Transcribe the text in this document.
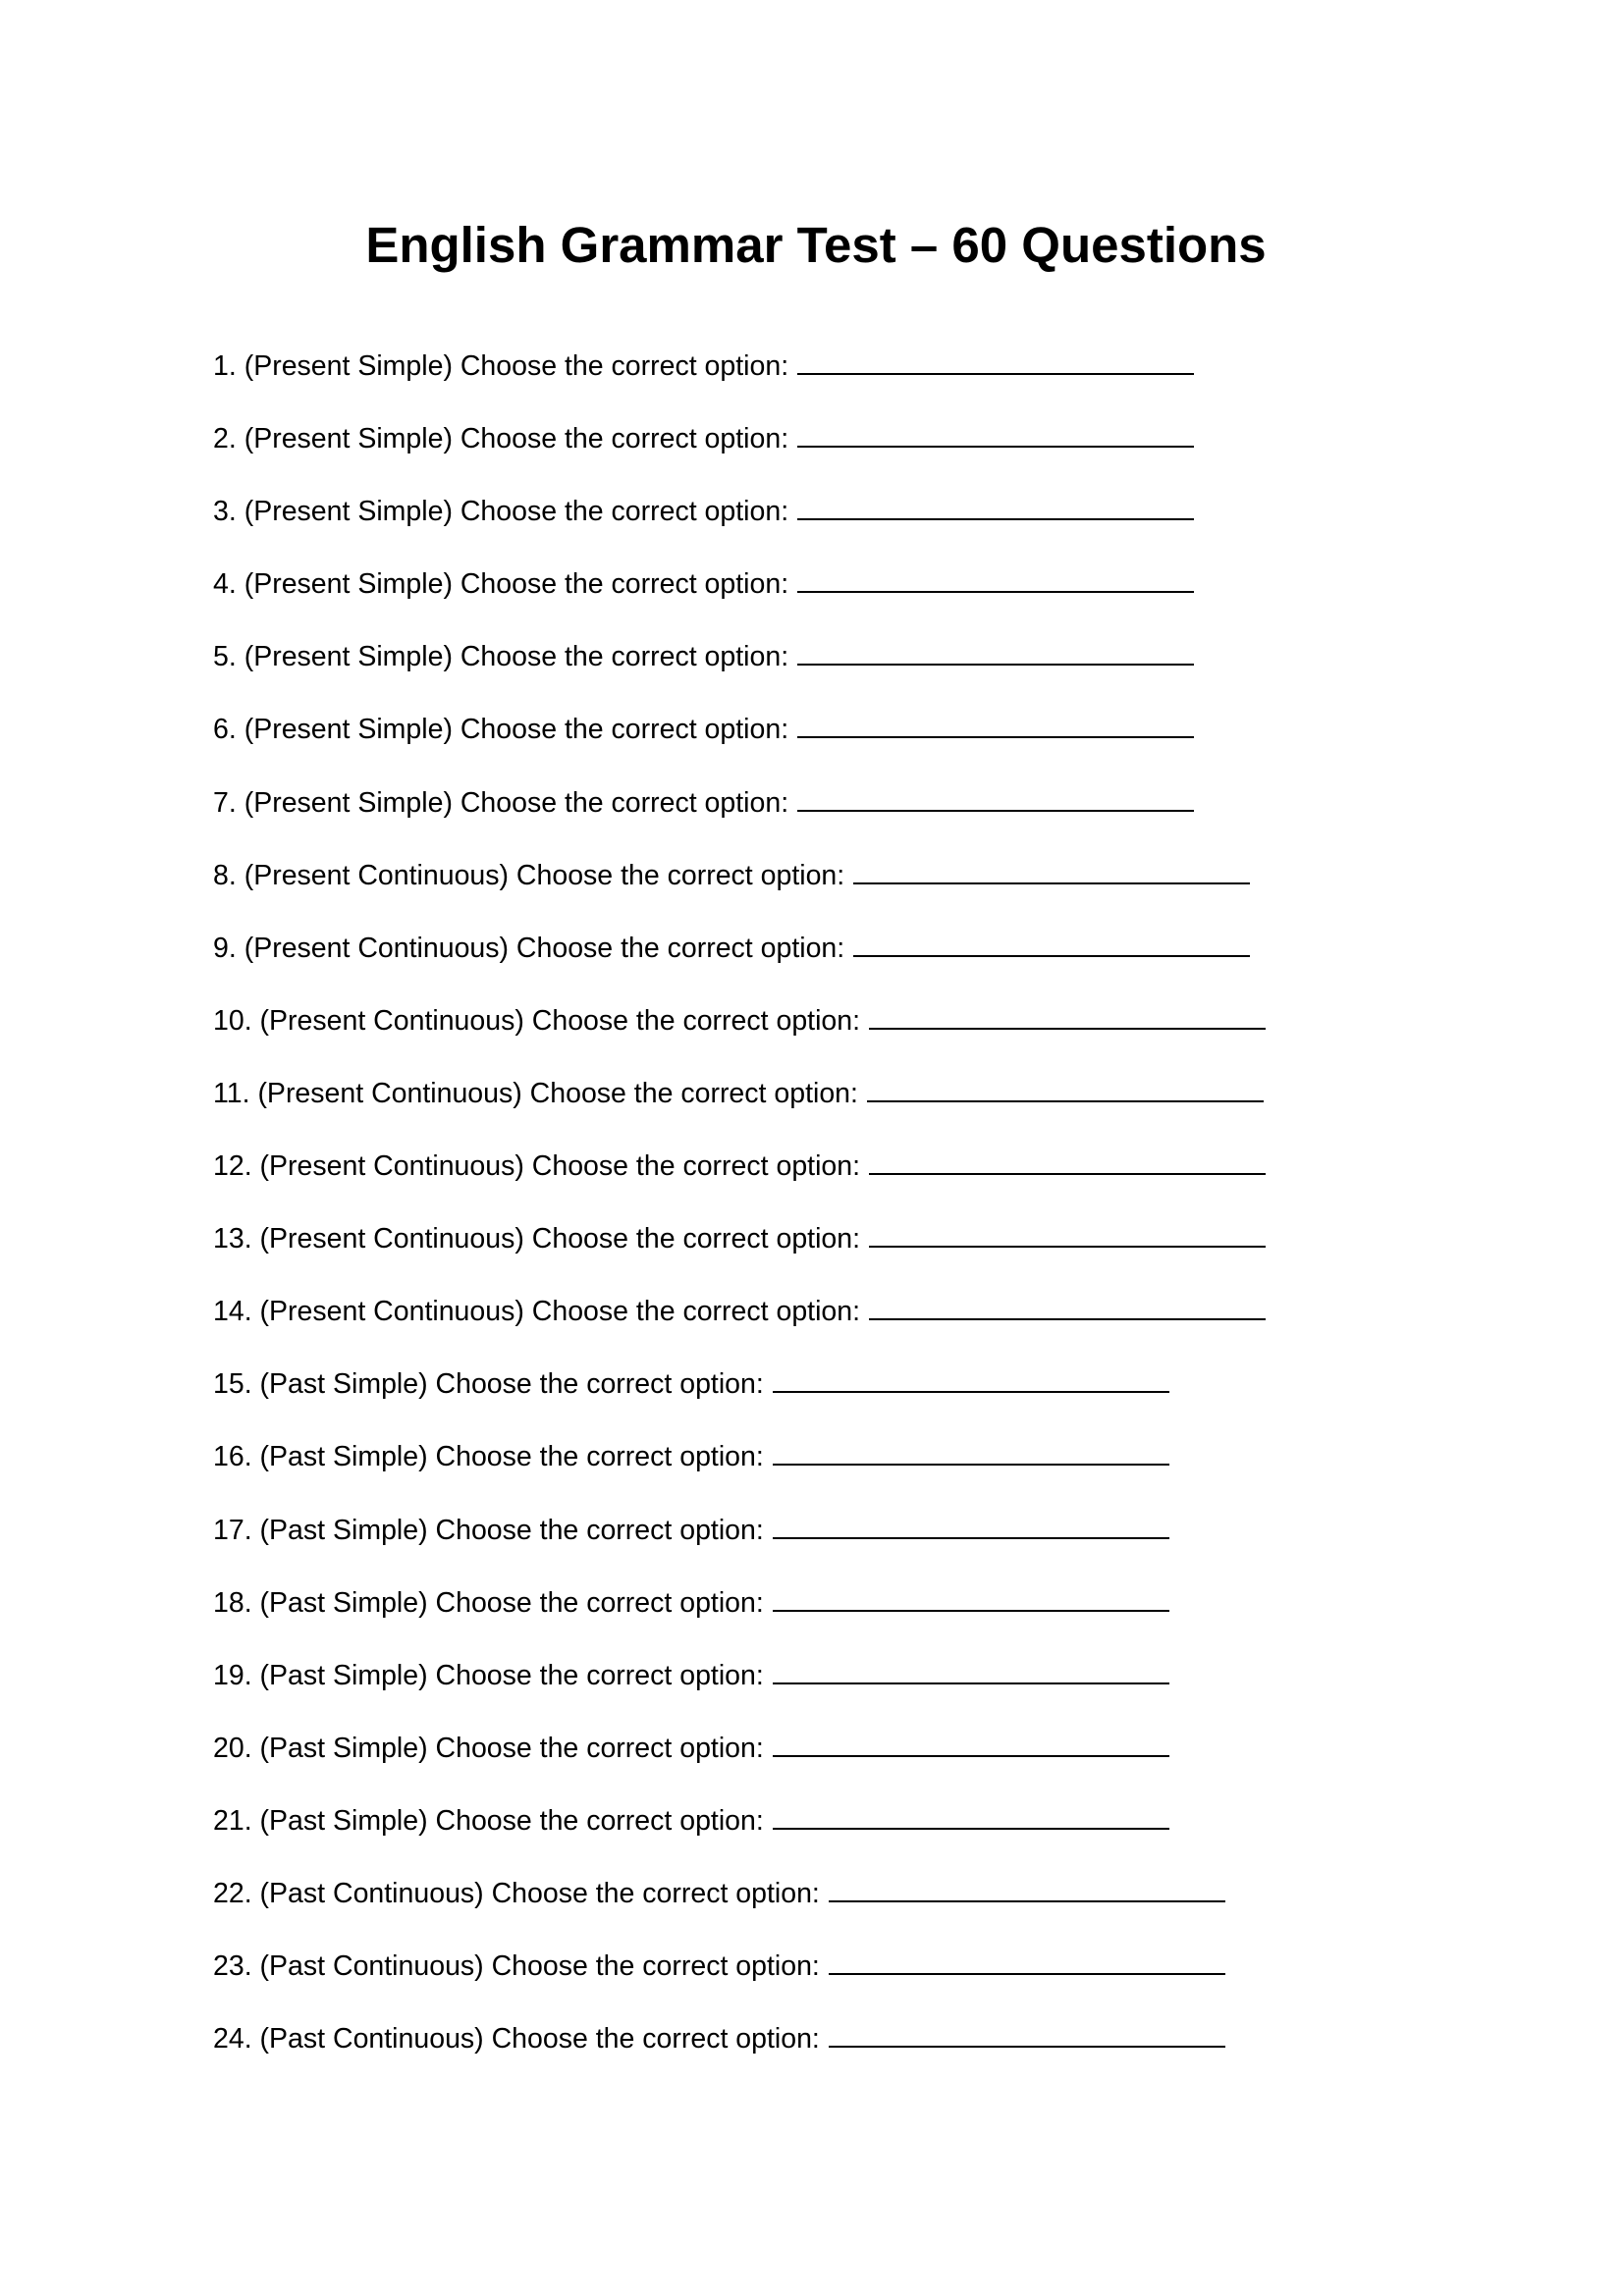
English Grammar Test – 60 Questions
1. (Present Simple) Choose the correct option:
2. (Present Simple) Choose the correct option:
3. (Present Simple) Choose the correct option:
4. (Present Simple) Choose the correct option:
5. (Present Simple) Choose the correct option:
6. (Present Simple) Choose the correct option:
7. (Present Simple) Choose the correct option:
8. (Present Continuous) Choose the correct option:
9. (Present Continuous) Choose the correct option:
10. (Present Continuous) Choose the correct option:
11. (Present Continuous) Choose the correct option:
12. (Present Continuous) Choose the correct option:
13. (Present Continuous) Choose the correct option:
14. (Present Continuous) Choose the correct option:
15. (Past Simple) Choose the correct option:
16. (Past Simple) Choose the correct option:
17. (Past Simple) Choose the correct option:
18. (Past Simple) Choose the correct option:
19. (Past Simple) Choose the correct option:
20. (Past Simple) Choose the correct option:
21. (Past Simple) Choose the correct option:
22. (Past Continuous) Choose the correct option:
23. (Past Continuous) Choose the correct option:
24. (Past Continuous) Choose the correct option:
